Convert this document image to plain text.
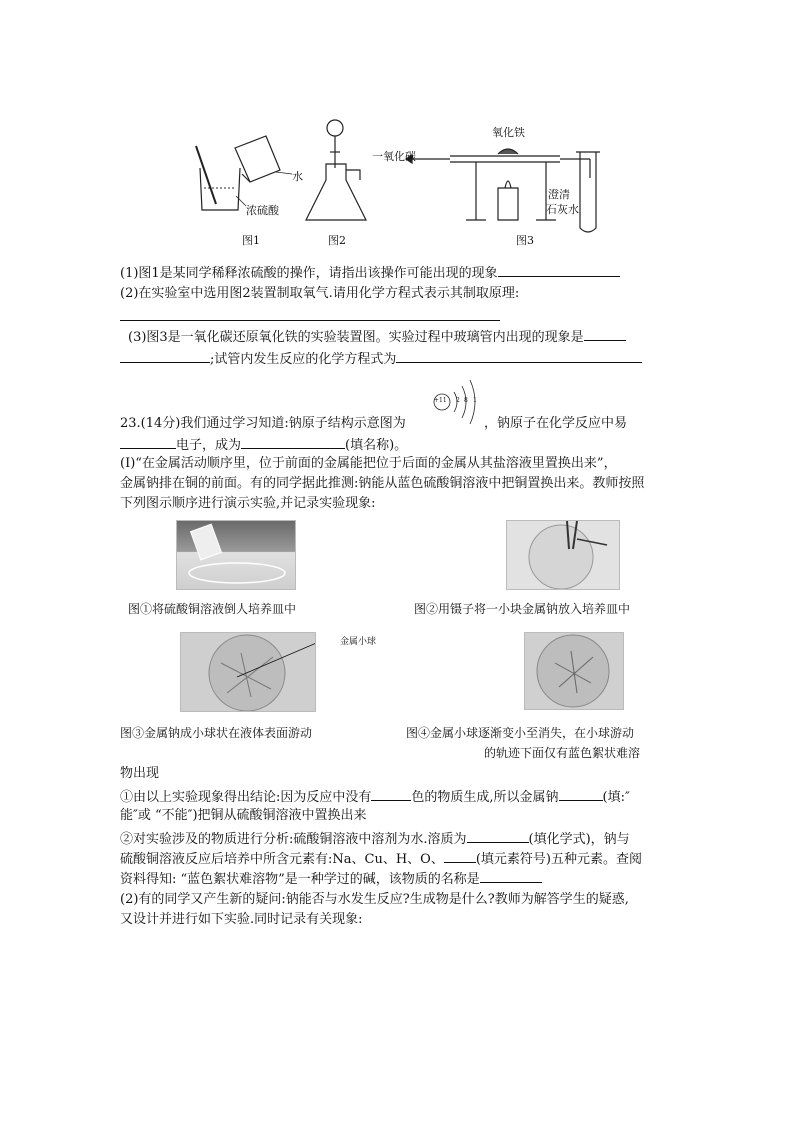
水
浓硫酸
一氧化碳
氧化铁
澄清
石灰水
图1	图2	图3
(1)图1是某同学稀释浓硫酸的操作，请指出该操作可能出现的现象
(2)在实验室中选用图2装置制取氧气.请用化学方程式表示其制取原理:
(3)图3是一氧化碳还原氧化铁的实验装置图。实验过程中玻璃管内出现的现象是
;试管内发生反应的化学方程式为
23.(14分)我们通过学习知道:钠原子结构示意图为
+11 2 8 1
，钠原子在化学反应中易
电子，成为	(填名称)。
(I)“在金属活动顺序里，位于前面的金属能把位于后面的金属从其盐溶液里置换出来”，
金属钠排在铜的前面。有的同学据此推测:钠能从蓝色硫酸铜溶液中把铜置换出来。教师按照
下列图示顺序进行演示实验,并记录实验现象:
图①将硫酸铜溶液倒人培养皿中	图②用镊子将一小块金属钠放入培养皿中
金属小球
图③金属钠成小球状在液体表面游动	图④金属小球逐渐变小至消失，在小球游动
的轨迹下面仅有蓝色絮状难溶
物出现
①由以上实验现象得出结论:因为反应中没有	色的物质生成,所以金属钠	(填:″
能″或 “不能″)把铜从硫酸铜溶液中置换出来
②对实验涉及的物质进行分析:硫酸铜溶液中溶剂为水.溶质为	(填化学式)，钠与
硫酸铜溶液反应后培养中所含元素有:Na、Cu、H、O、 (填元素符号)五种元素。查阅
资料得知: “蓝色絮状难溶物”是一种学过的碱，该物质的名称是
(2)有的同学又产生新的疑问:钠能否与水发生反应?生成物是什么?教师为解答学生的疑惑,
又设计并进行如下实验.同时记录有关现象:
